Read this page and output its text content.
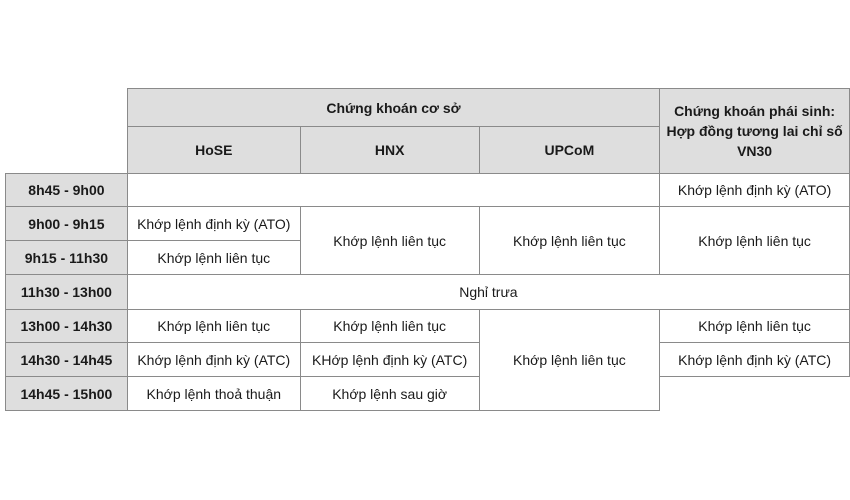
	Chứng khoán cơ sở			Chứng khoán phái sinh: Hợp đồng tương lai chỉ số VN30
	HoSE	HNX	UPCoM	
8h45 - 9h00				Khớp lệnh định kỳ (ATO)
9h00 - 9h15	Khớp lệnh định kỳ (ATO)	Khớp lệnh liên tục	Khớp lệnh liên tục	Khớp lệnh liên tục
9h15 - 11h30	Khớp lệnh liên tục			
11h30 - 13h00	Nghỉ trưa			
13h00 - 14h30	Khớp lệnh liên tục	Khớp lệnh liên tục	Khớp lệnh liên tục	Khớp lệnh liên tục
14h30 - 14h45	Khớp lệnh định kỳ (ATC)	KHớp lệnh định kỳ (ATC)		Khớp lệnh định kỳ (ATC)
14h45 - 15h00	Khớp lệnh thoả thuận	Khớp lệnh sau giờ		
